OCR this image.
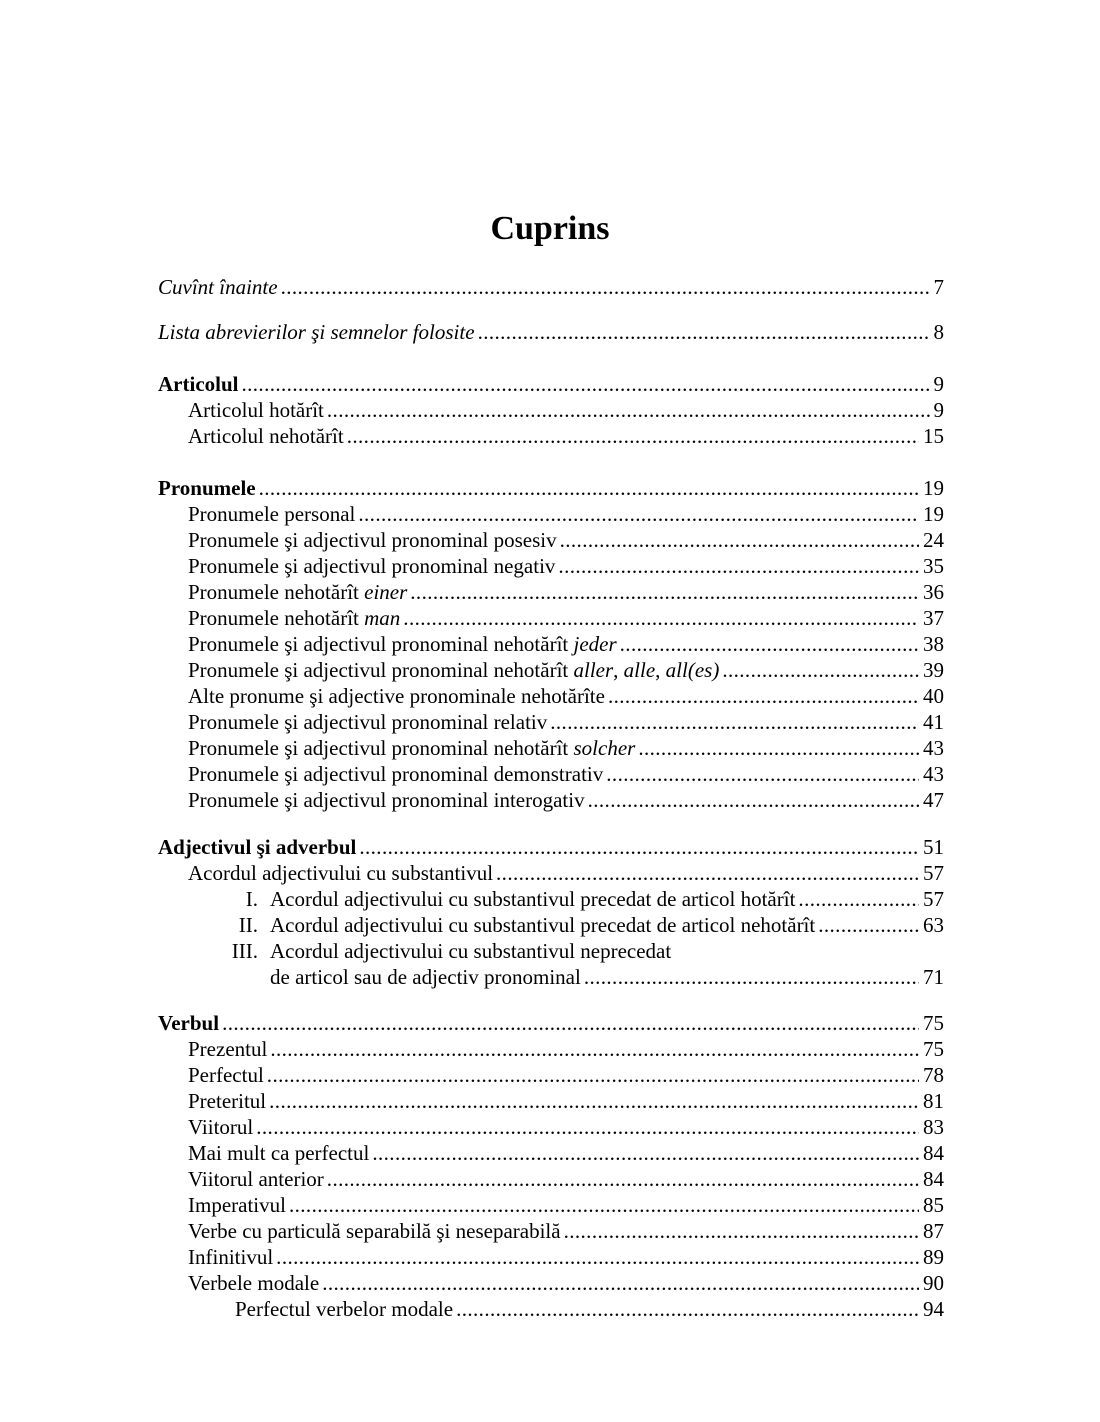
Cuprins
Cuvînt înainte .....	7
Lista abrevierilor şi semnelor folosite .....	8
Articolul .....	9
Articolul hotărît .....	9
Articolul nehotărît .....	15
Pronumele .....	19
Pronumele personal .....	19
Pronumele şi adjectivul pronominal posesiv .....	24
Pronumele şi adjectivul pronominal negativ .....	35
Pronumele nehotărît einer .....	36
Pronumele nehotărît man .....	37
Pronumele şi adjectivul pronominal nehotărît jeder .....	38
Pronumele şi adjectivul pronominal nehotărît aller, alle, all(es) .....	39
Alte pronume şi adjective pronominale nehotărîte .....	40
Pronumele şi adjectivul pronominal relativ .....	41
Pronumele şi adjectivul pronominal nehotărît solcher .....	43
Pronumele şi adjectivul pronominal demonstrativ .....	43
Pronumele şi adjectivul pronominal interogativ .....	47
Adjectivul şi adverbul .....	51
Acordul adjectivului cu substantivul .....	57
I. Acordul adjectivului cu substantivul precedat de articol hotărît .....	57
II. Acordul adjectivului cu substantivul precedat de articol nehotărît .....	63
III. Acordul adjectivului cu substantivul neprecedat
de articol sau de adjectiv pronominal .....	71
Verbul .....	75
Prezentul .....	75
Perfectul .....	78
Preteritul .....	81
Viitorul .....	83
Mai mult ca perfectul .....	84
Viitorul anterior .....	84
Imperativul .....	85
Verbe cu particulă separabilă şi neseparabilă .....	87
Infinitivul .....	89
Verbele modale .....	90
Perfectul verbelor modale .....	94
